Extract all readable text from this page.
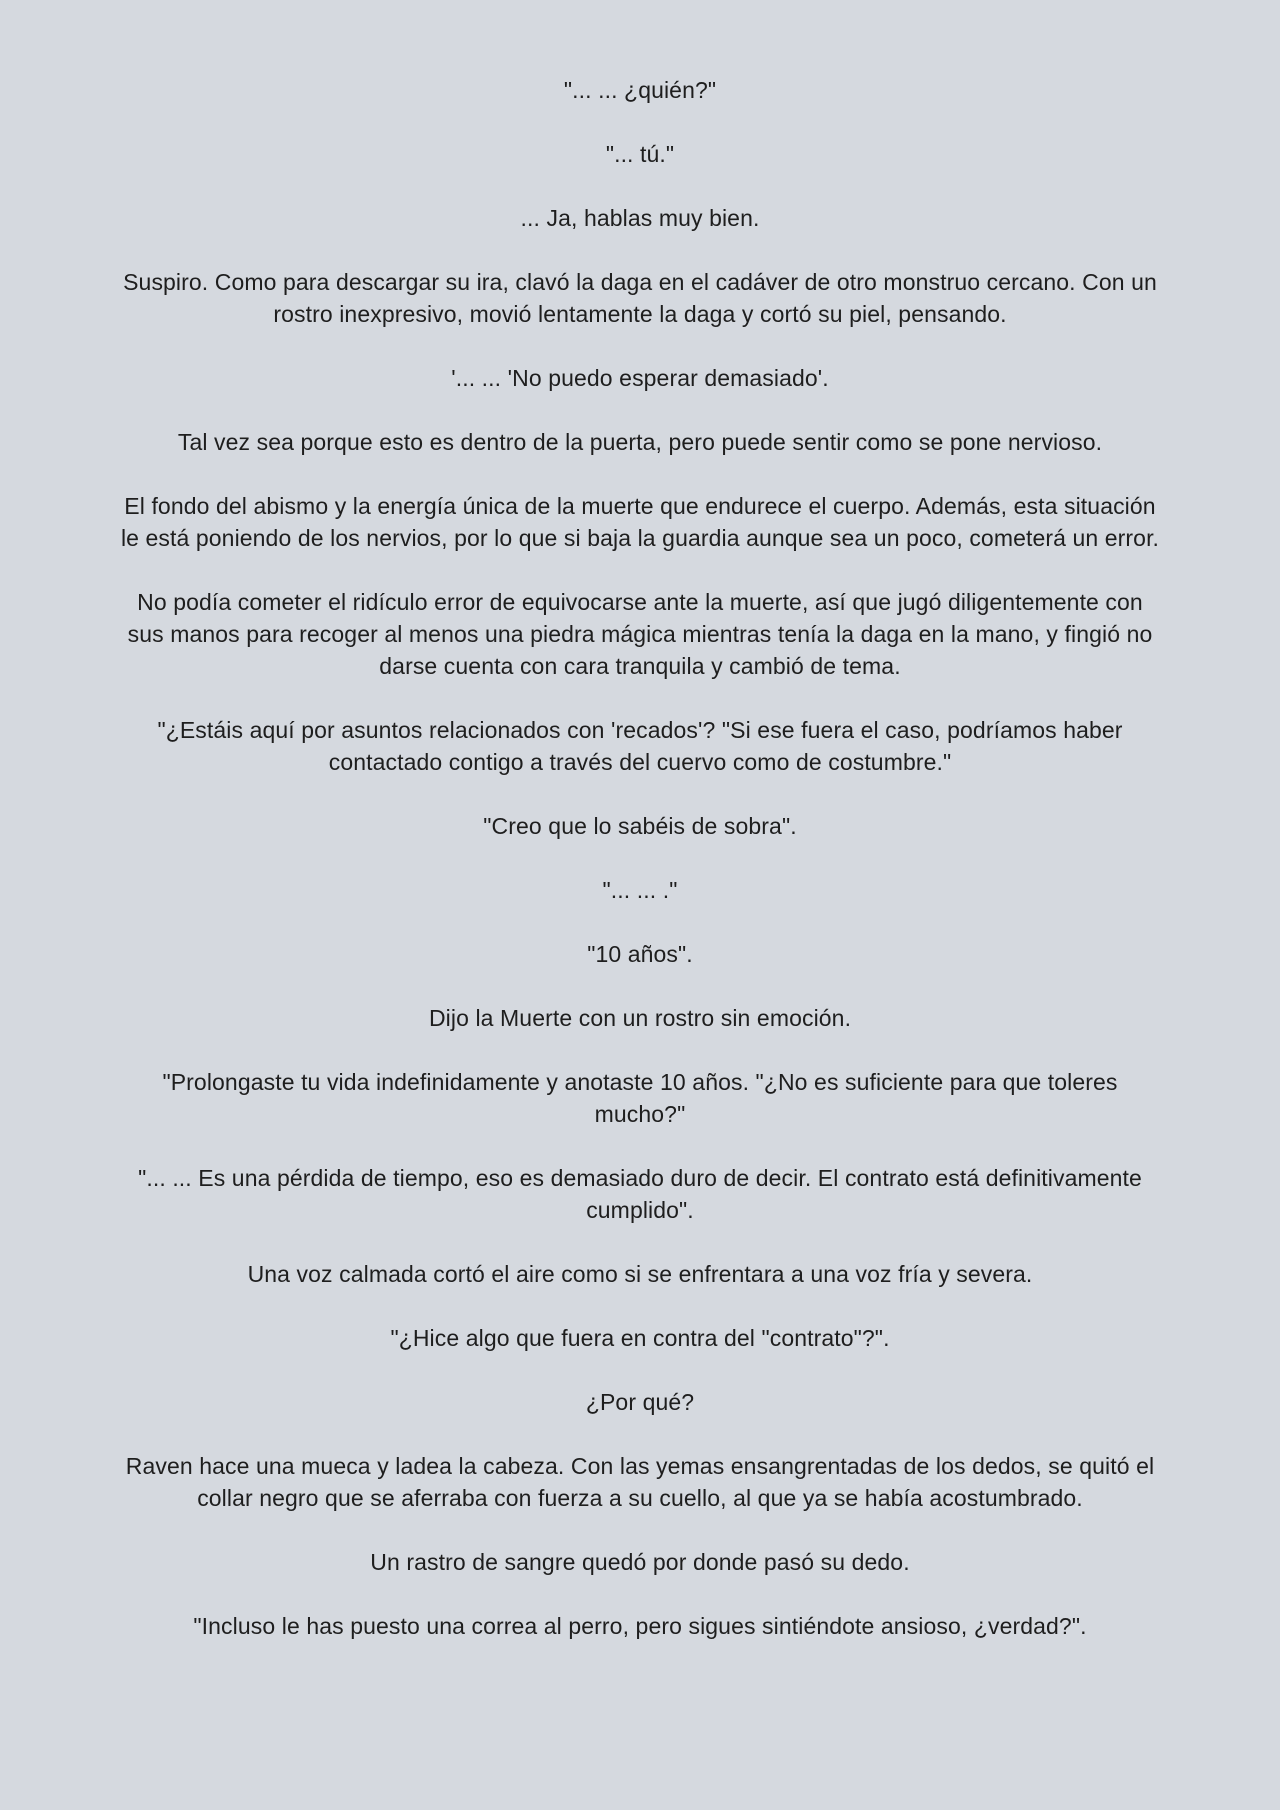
"... ... ¿quién?"

"... tú."

... Ja, hablas muy bien.

Suspiro. Como para descargar su ira, clavó la daga en el cadáver de otro monstruo cercano. Con un rostro inexpresivo, movió lentamente la daga y cortó su piel, pensando.

'... ... 'No puedo esperar demasiado'.

Tal vez sea porque esto es dentro de la puerta, pero puede sentir como se pone nervioso.

El fondo del abismo y la energía única de la muerte que endurece el cuerpo. Además, esta situación le está poniendo de los nervios, por lo que si baja la guardia aunque sea un poco, cometerá un error.

No podía cometer el ridículo error de equivocarse ante la muerte, así que jugó diligentemente con sus manos para recoger al menos una piedra mágica mientras tenía la daga en la mano, y fingió no darse cuenta con cara tranquila y cambió de tema.

"¿Estáis aquí por asuntos relacionados con 'recados'? "Si ese fuera el caso, podríamos haber contactado contigo a través del cuervo como de costumbre."

"Creo que lo sabéis de sobra".

"... ... ."

"10 años".

Dijo la Muerte con un rostro sin emoción.

"Prolongaste tu vida indefinidamente y anotaste 10 años. "¿No es suficiente para que toleres mucho?"

"... ... Es una pérdida de tiempo, eso es demasiado duro de decir. El contrato está definitivamente cumplido".

Una voz calmada cortó el aire como si se enfrentara a una voz fría y severa.

"¿Hice algo que fuera en contra del "contrato"?".

¿Por qué?

Raven hace una mueca y ladea la cabeza. Con las yemas ensangrentadas de los dedos, se quitó el collar negro que se aferraba con fuerza a su cuello, al que ya se había acostumbrado.

Un rastro de sangre quedó por donde pasó su dedo.

"Incluso le has puesto una correa al perro, pero sigues sintiéndote ansioso, ¿verdad?".
